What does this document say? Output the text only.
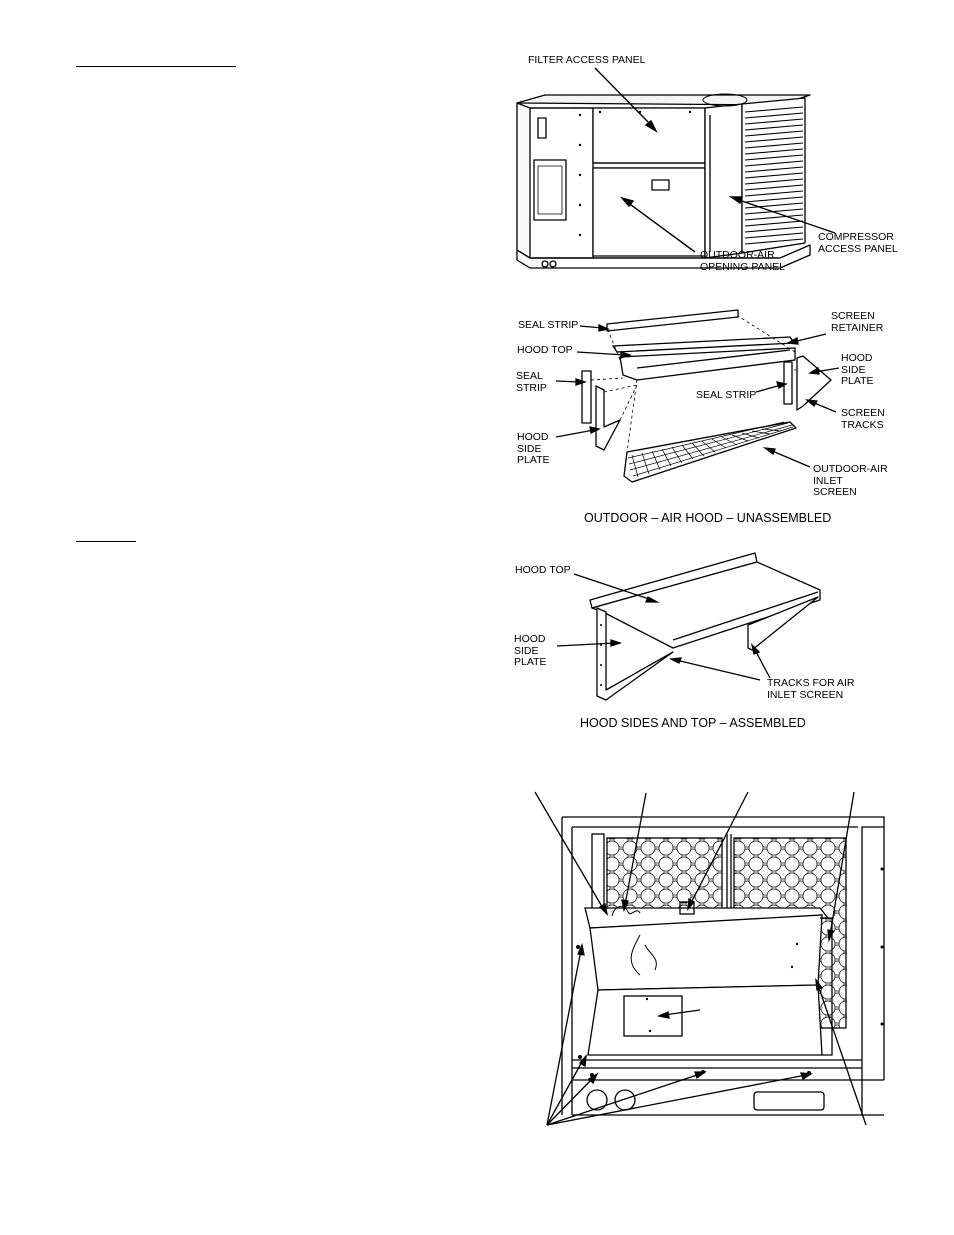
FILTER ACCESS PANEL
COMPRESSOR
ACCESS PANEL
OUTDOOR-AIR
OPENING PANEL
SEAL STRIP
SCREEN
RETAINER
HOOD TOP
HOOD
SIDE
PLATE
SEAL
STRIP
SEAL STRIP
SCREEN
TRACKS
HOOD
SIDE
PLATE
OUTDOOR-AIR
INLET
SCREEN
OUTDOOR – AIR HOOD – UNASSEMBLED
HOOD TOP
HOOD
SIDE
PLATE
TRACKS FOR AIR
INLET SCREEN
HOOD SIDES AND TOP – ASSEMBLED
